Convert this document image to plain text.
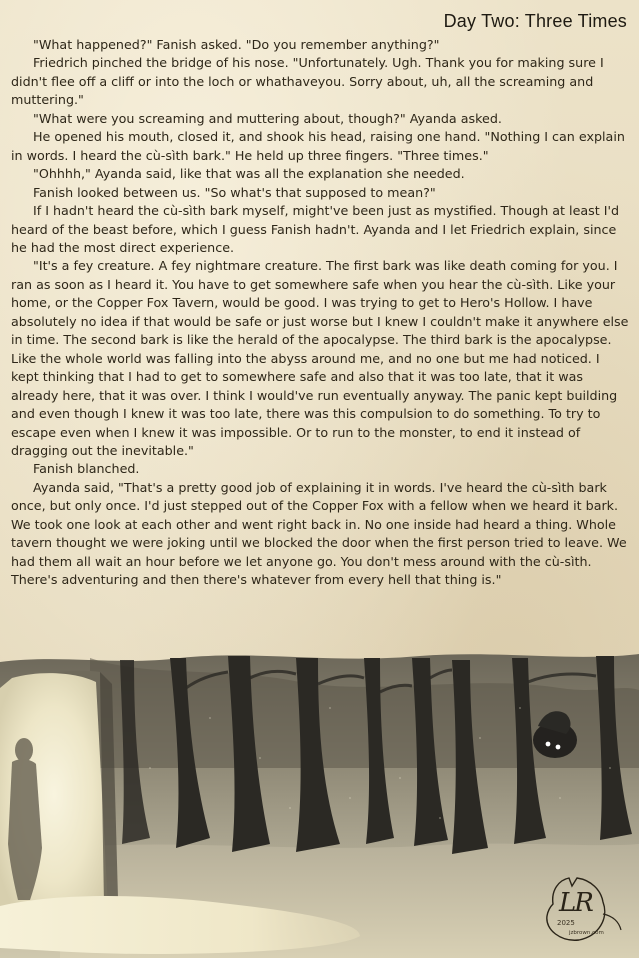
Day Two: Three Times

"What happened?" Fanish asked. "Do you remember anything?"

Friedrich pinched the bridge of his nose. "Unfortunately. Ugh. Thank you for making sure I didn't flee off a cliff or into the loch or whathaveyou. Sorry about, uh, all the screaming and muttering."

"What were you screaming and muttering about, though?" Ayanda asked.

He opened his mouth, closed it, and shook his head, raising one hand. "Nothing I can explain in words. I heard the cù-sìth bark." He held up three fingers. "Three times."

"Ohhhh," Ayanda said, like that was all the explanation she needed.

Fanish looked between us. "So what's that supposed to mean?"

If I hadn't heard the cù-sìth bark myself, might've been just as mystified. Though at least I'd heard of the beast before, which I guess Fanish hadn't. Ayanda and I let Friedrich explain, since he had the most direct experience.

"It's a fey creature. A fey nightmare creature. The first bark was like death coming for you. I ran as soon as I heard it. You have to get somewhere safe when you hear the cù-sìth. Like your home, or the Copper Fox Tavern, would be good. I was trying to get to Hero's Hollow. I have absolutely no idea if that would be safe or just worse but I knew I couldn't make it anywhere else in time. The second bark is like the herald of the apocalypse. The third bark is the apocalypse. Like the whole world was falling into the abyss around me, and no one but me had noticed. I kept thinking that I had to get to somewhere safe and also that it was too late, that it was already here, that it was over. I think I would've run eventually anyway. The panic kept building and even though I knew it was too late, there was this compulsion to do something. To try to escape even when I knew it was impossible. Or to run to the monster, to end it instead of dragging out the inevitable."

Fanish blanched.

Ayanda said, "That's a pretty good job of explaining it in words. I've heard the cù-sìth bark once, but only once. I'd just stepped out of the Copper Fox with a fellow when we heard it bark. We took one look at each other and went right back in. No one inside had heard a thing. Whole tavern thought we were joking until we blocked the door when the first person tried to leave. We had them all wait an hour before we let anyone go. You don't mess around with the cù-sìth. There's adventuring and then there's whatever from every hell that thing is."

LR
2025
jzbrown.com
